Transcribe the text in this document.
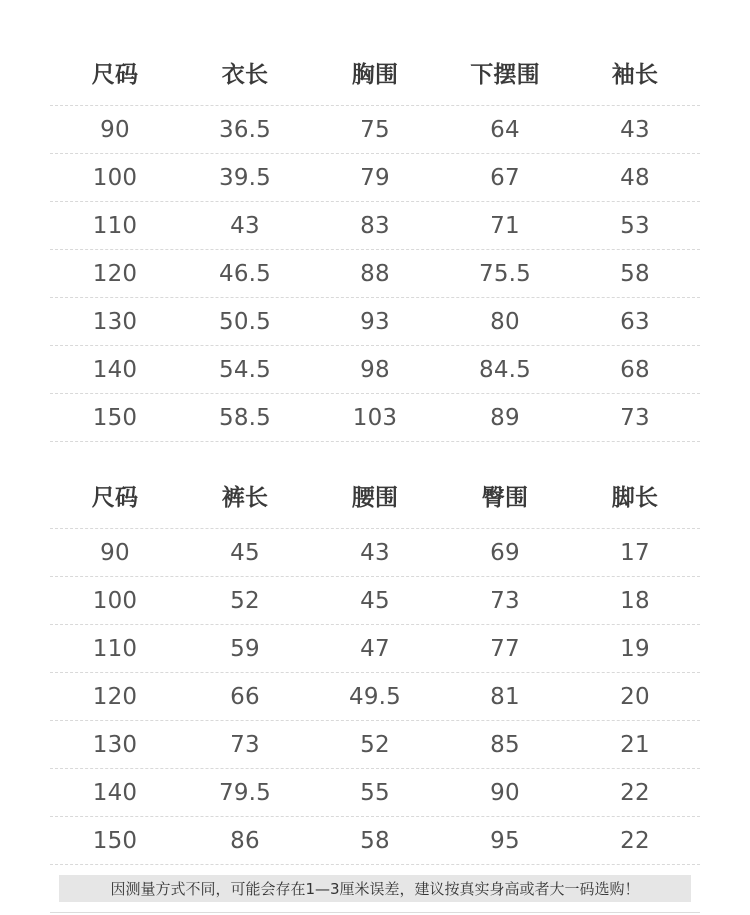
尺码	衣长	胸围	下摆围	袖长
90	36.5	75	64	43
100	39.5	79	67	48
110	43	83	71	53
120	46.5	88	75.5	58
130	50.5	93	80	63
140	54.5	98	84.5	68
150	58.5	103	89	73
尺码	裤长	腰围	臀围	脚长
90	45	43	69	17
100	52	45	73	18
110	59	47	77	19
120	66	49.5	81	20
130	73	52	85	21
140	79.5	55	90	22
150	86	58	95	22
因测量方式不同，可能会存在1—3厘米误差，建议按真实身高或者大一码选购！
